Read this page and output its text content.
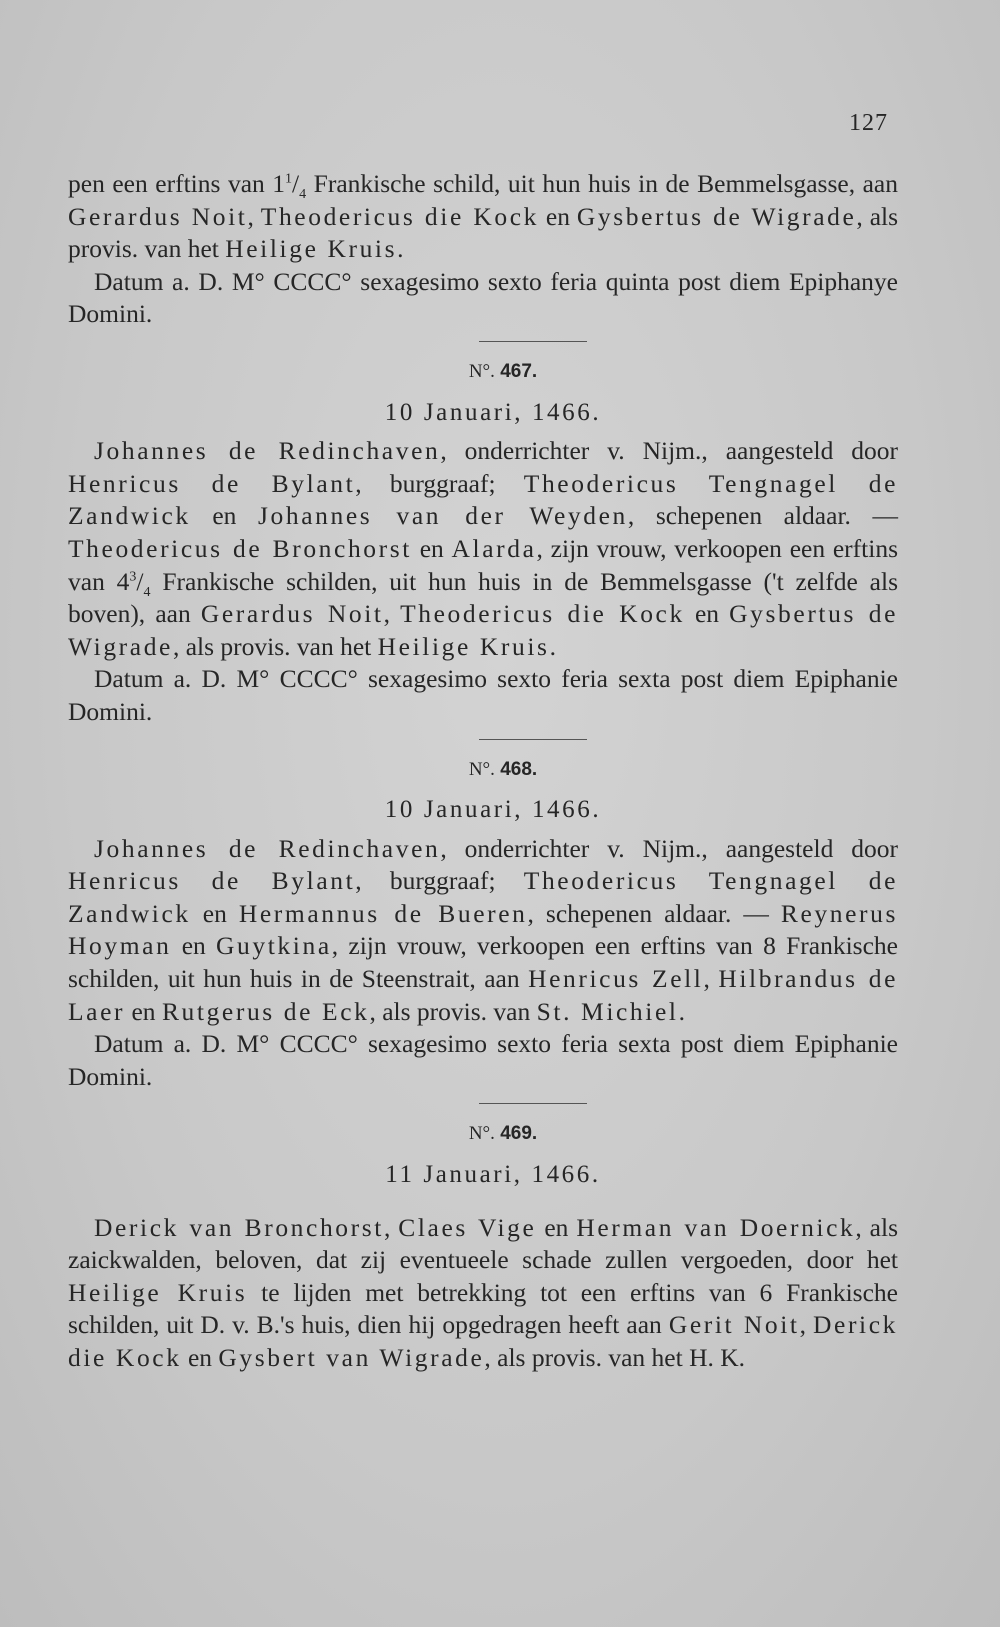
127

pen een erftins van $1^1/_4$ Frankische schild, uit hun huis in de Bemmelsgasse, aan Gerardus Noit, Theodericus die Kock en Gysbertus de Wigrade, als provis. van het Heilige Kruis.

Datum a. D. M° CCCC° sexagesimo sexto feria quinta post diem Epiphanye Domini.

N°. 467.
10 Januari, 1466.

Johannes de Redinchaven, onderrichter v. Nijm., aangesteld door Henricus de Bylant, burggraaf; Theodericus Tengnagel de Zandwick en Johannes van der Weyden, schepenen aldaar. — Theodericus de Bronchorst en Alarda, zijn vrouw, verkoopen een erftins van $4^3/_4$ Frankische schilden, uit hun huis in de Bemmelsgasse ('t zelfde als boven), aan Gerardus Noit, Theodericus die Kock en Gysbertus de Wigrade, als provis. van het Heilige Kruis.

Datum a. D. M° CCCC° sexagesimo sexto feria sexta post diem Epiphanie Domini.

N°. 468.
10 Januari, 1466.

Johannes de Redinchaven, onderrichter v. Nijm., aangesteld door Henricus de Bylant, burggraaf; Theodericus Tengnagel de Zandwick en Hermannus de Bueren, schepenen aldaar. — Reynerus Hoyman en Guytkina, zijn vrouw, verkoopen een erftins van 8 Frankische schilden, uit hun huis in de Steenstrait, aan Henricus Zell, Hilbrandus de Laer en Rutgerus de Eck, als provis. van St. Michiel.

Datum a. D. M° CCCC° sexagesimo sexto feria sexta post diem Epiphanie Domini.

N°. 469.
11 Januari, 1466.

Derick van Bronchorst, Claes Vige en Herman van Doernick, als zaickwalden, beloven, dat zij eventueele schade zullen vergoeden, door het Heilige Kruis te lijden met betrekking tot een erftins van 6 Frankische schilden, uit D. v. B.'s huis, dien hij opgedragen heeft aan Gerit Noit, Derick die Kock en Gysbert van Wigrade, als provis. van het H. K.
